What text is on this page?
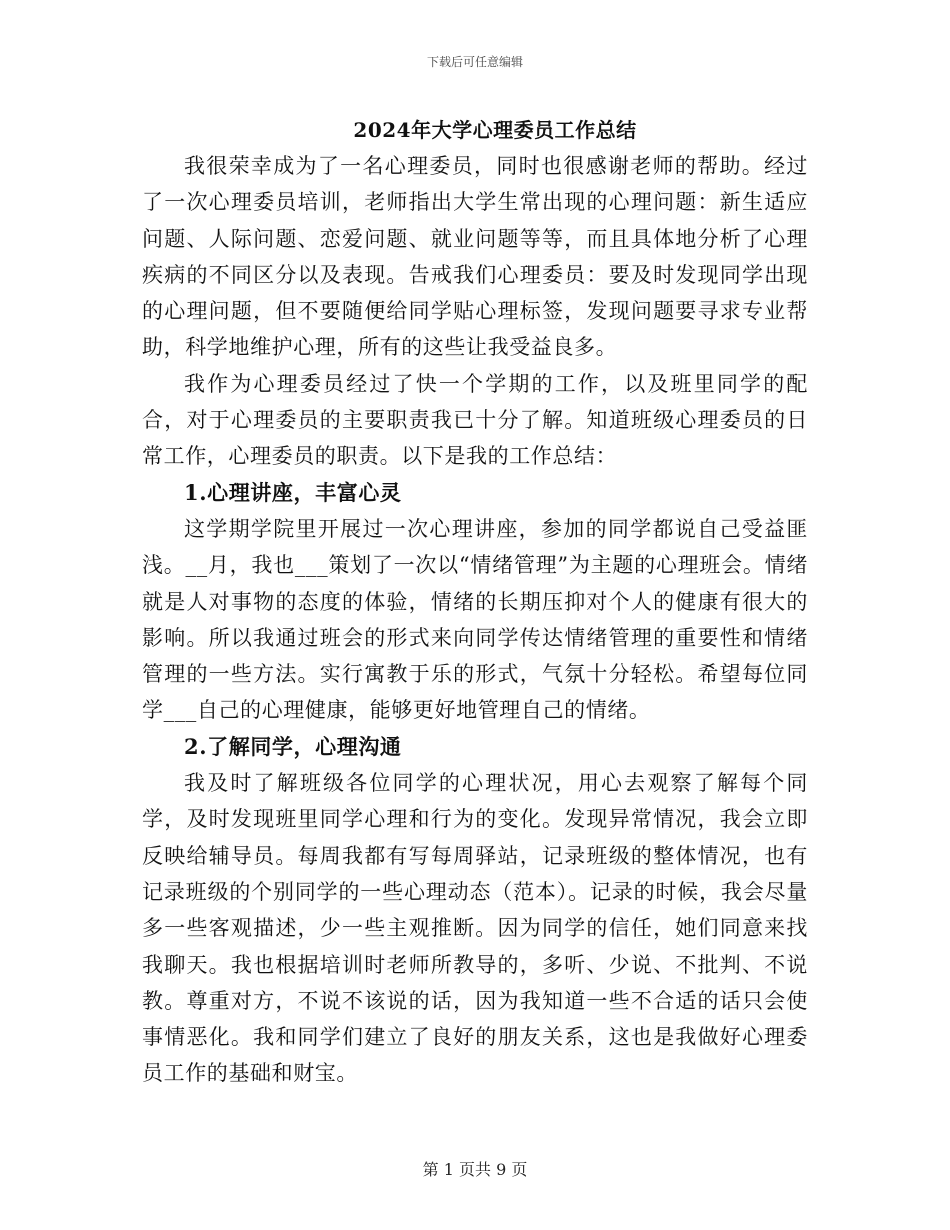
下载后可任意编辑
2024年大学心理委员工作总结

我很荣幸成为了一名心理委员，同时也很感谢老师的帮助。经过了一次心理委员培训，老师指出大学生常出现的心理问题：新生适应问题、人际问题、恋爱问题、就业问题等等，而且具体地分析了心理疾病的不同区分以及表现。告戒我们心理委员：要及时发现同学出现的心理问题，但不要随便给同学贴心理标签，发现问题要寻求专业帮助，科学地维护心理，所有的这些让我受益良多。

我作为心理委员经过了快一个学期的工作，以及班里同学的配合，对于心理委员的主要职责我已十分了解。知道班级心理委员的日常工作，心理委员的职责。以下是我的工作总结：

1.心理讲座，丰富心灵

这学期学院里开展过一次心理讲座，参加的同学都说自己受益匪浅。__月，我也___策划了一次以“情绪管理”为主题的心理班会。情绪就是人对事物的态度的体验，情绪的长期压抑对个人的健康有很大的影响。所以我通过班会的形式来向同学传达情绪管理的重要性和情绪管理的一些方法。实行寓教于乐的形式，气氛十分轻松。希望每位同学___自己的心理健康，能够更好地管理自己的情绪。

2.了解同学，心理沟通

我及时了解班级各位同学的心理状况，用心去观察了解每个同学，及时发现班里同学心理和行为的变化。发现异常情况，我会立即反映给辅导员。每周我都有写每周驿站，记录班级的整体情况，也有记录班级的个别同学的一些心理动态（范本）。记录的时候，我会尽量多一些客观描述，少一些主观推断。因为同学的信任，她们同意来找我聊天。我也根据培训时老师所教导的，多听、少说、不批判、不说教。尊重对方，不说不该说的话，因为我知道一些不合适的话只会使事情恶化。我和同学们建立了良好的朋友关系，这也是我做好心理委员工作的基础和财宝。

第 1 页共 9 页
